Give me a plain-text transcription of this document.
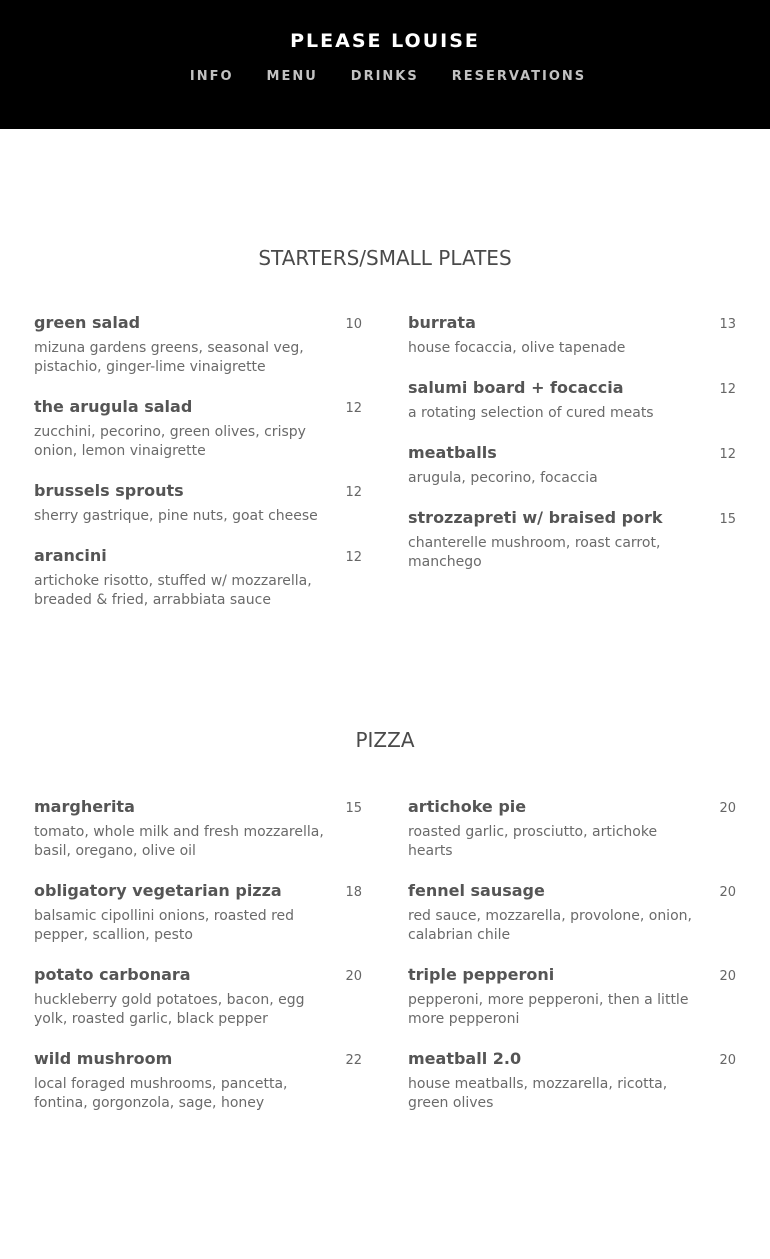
PLEASE LOUISE
INFO	MENU	DRINKS	RESERVATIONS
STARTERS/SMALL PLATES
green salad	10
mizuna gardens greens, seasonal veg, pistachio, ginger-lime vinaigrette
the arugula salad	12
zucchini, pecorino, green olives, crispy onion, lemon vinaigrette
brussels sprouts	12
sherry gastrique, pine nuts, goat cheese
arancini	12
artichoke risotto, stuffed w/ mozzarella, breaded & fried, arrabbiata sauce
burrata	13
house focaccia, olive tapenade
salumi board + focaccia	12
a rotating selection of cured meats
meatballs	12
arugula, pecorino, focaccia
strozzapreti w/ braised pork	15
chanterelle mushroom, roast carrot, manchego
PIZZA
margherita	15
tomato, whole milk and fresh mozzarella, basil, oregano, olive oil
obligatory vegetarian pizza	18
balsamic cipollini onions, roasted red pepper, scallion, pesto
potato carbonara	20
huckleberry gold potatoes, bacon, egg yolk, roasted garlic, black pepper
wild mushroom	22
local foraged mushrooms, pancetta, fontina, gorgonzola, sage, honey
artichoke pie	20
roasted garlic, prosciutto, artichoke hearts
fennel sausage	20
red sauce, mozzarella, provolone, onion, calabrian chile
triple pepperoni	20
pepperoni, more pepperoni, then a little more pepperoni
meatball 2.0	20
house meatballs, mozzarella, ricotta, green olives
